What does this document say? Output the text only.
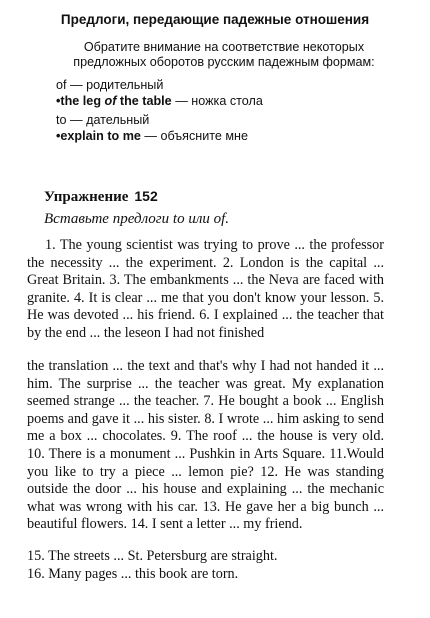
Предлоги, передающие падежные отношения
Обратите внимание на соответствие некоторых предложных оборотов русским падежным формам:
of — родительный
•the leg of the table — ножка стола
to — дательный
•explain to me — объясните мне
Упражнение 152
Вставьте предлоги to или of.
1. The young scientist was trying to prove ... the professor the necessity ... the experiment. 2. London is the capital ... Great Britain. 3. The embankments ... the Neva are faced with granite. 4. It is clear ... me that you don't know your lesson. 5. He was devoted ... his friend. 6. I explained ... the teacher that by the end ... the leseon I had not finished
the translation ... the text and that's why I had not handed it ... him. The surprise ... the teacher was great. My explanation seemed strange ... the teacher. 7. He bought a book ... English poems and gave it ... his sister. 8. I wrote ... him asking to send me a box ... chocolates. 9. The roof ... the house is very old. 10. There is a monument ... Pushkin in Arts Square. 11.Would you like to try a piece ... lemon pie? 12. He was standing outside the door ... his house and explaining ... the mechanic what was wrong with his car. 13. He gave her a big bunch ... beautiful flowers. 14. I sent a letter ... my friend.
15. The streets ... St. Petersburg are straight.
16. Many pages ... this book are torn.
